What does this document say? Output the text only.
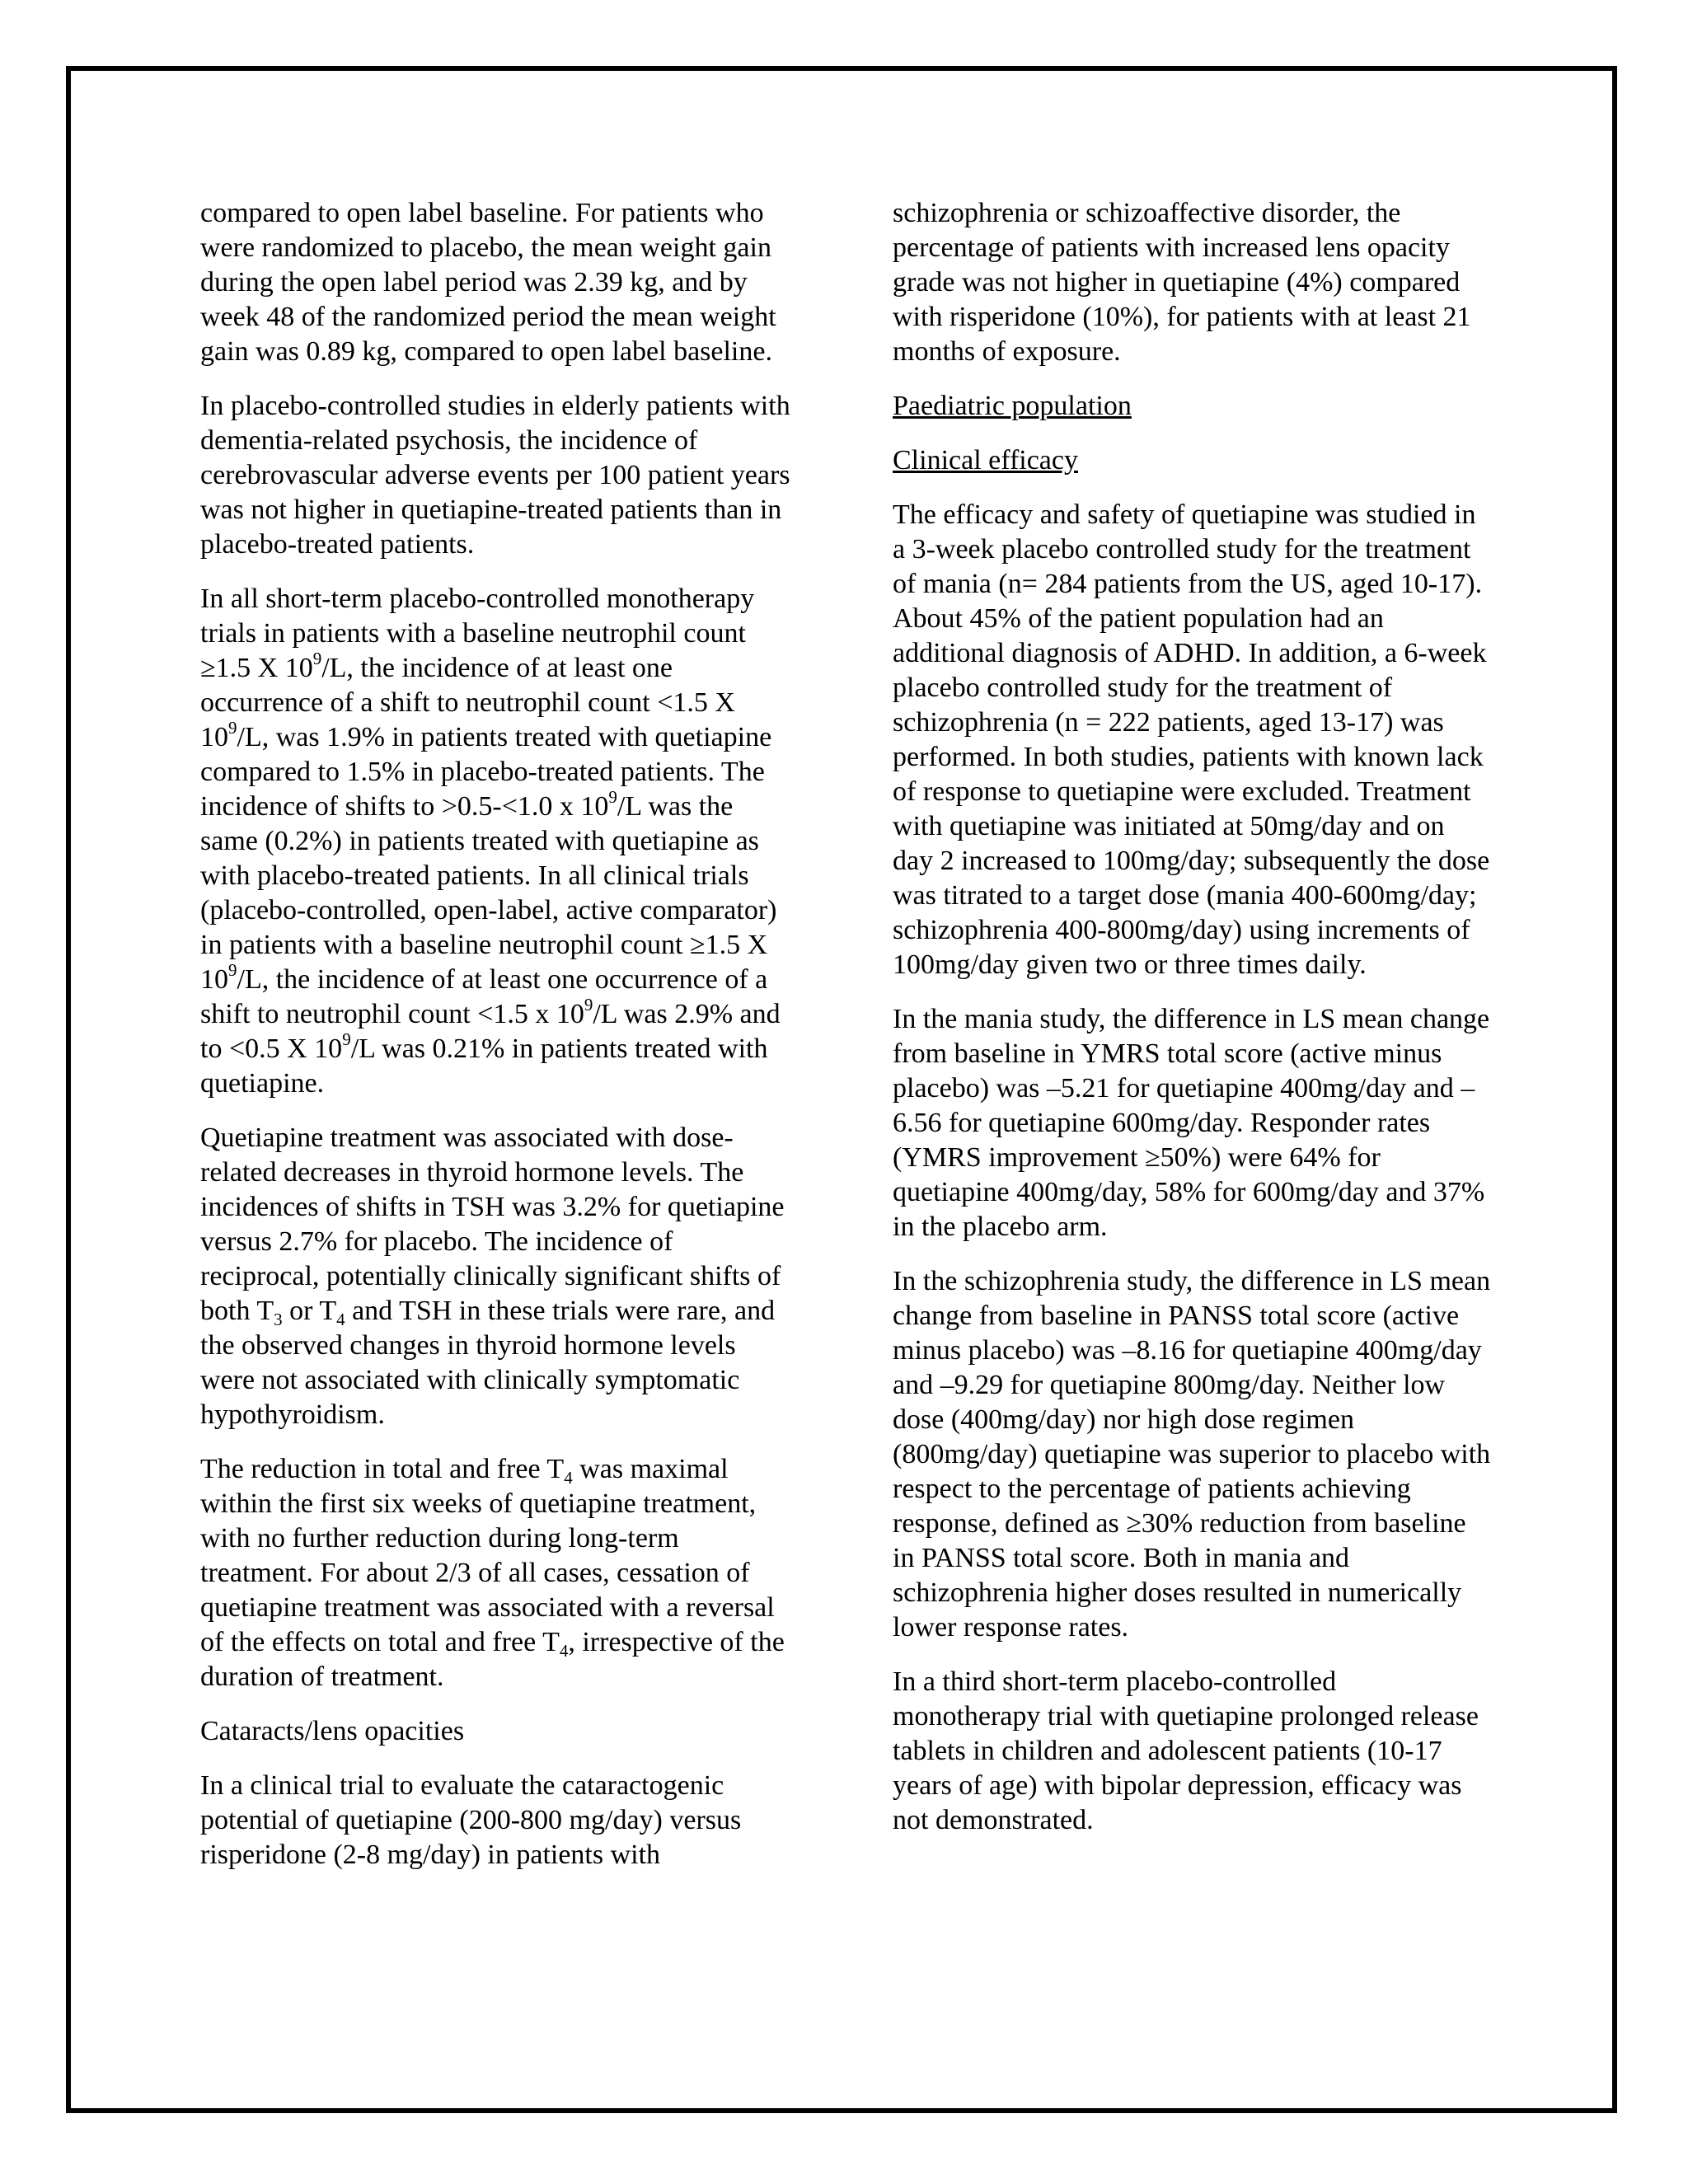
compared to open label baseline. For patients who were randomized to placebo, the mean weight gain during the open label period was 2.39 kg, and by week 48 of the randomized period the mean weight gain was 0.89 kg, compared to open label baseline.

In placebo-controlled studies in elderly patients with dementia-related psychosis, the incidence of cerebrovascular adverse events per 100 patient years was not higher in quetiapine-treated patients than in placebo-treated patients.

In all short-term placebo-controlled monotherapy trials in patients with a baseline neutrophil count ≥1.5 X $10^9/L$, the incidence of at least one occurrence of a shift to neutrophil count <1.5 X $10^9/L$, was 1.9% in patients treated with quetiapine compared to 1.5% in placebo-treated patients. The incidence of shifts to >0.5-<1.0 x $10^9/L$ was the same (0.2%) in patients treated with quetiapine as with placebo-treated patients. In all clinical trials (placebo-controlled, open-label, active comparator) in patients with a baseline neutrophil count ≥1.5 X $10^9/L$, the incidence of at least one occurrence of a shift to neutrophil count <1.5 x $10^9/L$ was 2.9% and to <0.5 X $10^9/L$ was 0.21% in patients treated with quetiapine.

Quetiapine treatment was associated with dose-related decreases in thyroid hormone levels. The incidences of shifts in TSH was 3.2% for quetiapine versus 2.7% for placebo. The incidence of reciprocal, potentially clinically significant shifts of both $T_3$ or $T_4$ and TSH in these trials were rare, and the observed changes in thyroid hormone levels were not associated with clinically symptomatic hypothyroidism.

The reduction in total and free $T_4$ was maximal within the first six weeks of quetiapine treatment, with no further reduction during long-term treatment. For about 2/3 of all cases, cessation of quetiapine treatment was associated with a reversal of the effects on total and free $T_4$, irrespective of the duration of treatment.

Cataracts/lens opacities

In a clinical trial to evaluate the cataractogenic potential of quetiapine (200-800 mg/day) versus risperidone (2-8 mg/day) in patients with

schizophrenia or schizoaffective disorder, the percentage of patients with increased lens opacity grade was not higher in quetiapine (4%) compared with risperidone (10%), for patients with at least 21 months of exposure.

Paediatric population

Clinical efficacy

The efficacy and safety of quetiapine was studied in a 3-week placebo controlled study for the treatment of mania (n= 284 patients from the US, aged 10-17). About 45% of the patient population had an additional diagnosis of ADHD. In addition, a 6-week placebo controlled study for the treatment of schizophrenia (n = 222 patients, aged 13-17) was performed. In both studies, patients with known lack of response to quetiapine were excluded. Treatment with quetiapine was initiated at 50mg/day and on day 2 increased to 100mg/day; subsequently the dose was titrated to a target dose (mania 400-600mg/day; schizophrenia 400-800mg/day) using increments of 100mg/day given two or three times daily.

In the mania study, the difference in LS mean change from baseline in YMRS total score (active minus placebo) was –5.21 for quetiapine 400mg/day and –6.56 for quetiapine 600mg/day. Responder rates (YMRS improvement ≥50%) were 64% for quetiapine 400mg/day, 58% for 600mg/day and 37% in the placebo arm.

In the schizophrenia study, the difference in LS mean change from baseline in PANSS total score (active minus placebo) was –8.16 for quetiapine 400mg/day and –9.29 for quetiapine 800mg/day. Neither low dose (400mg/day) nor high dose regimen (800mg/day) quetiapine was superior to placebo with respect to the percentage of patients achieving response, defined as ≥30% reduction from baseline in PANSS total score. Both in mania and schizophrenia higher doses resulted in numerically lower response rates.

In a third short-term placebo-controlled monotherapy trial with quetiapine prolonged release tablets in children and adolescent patients (10-17 years of age) with bipolar depression, efficacy was not demonstrated.
